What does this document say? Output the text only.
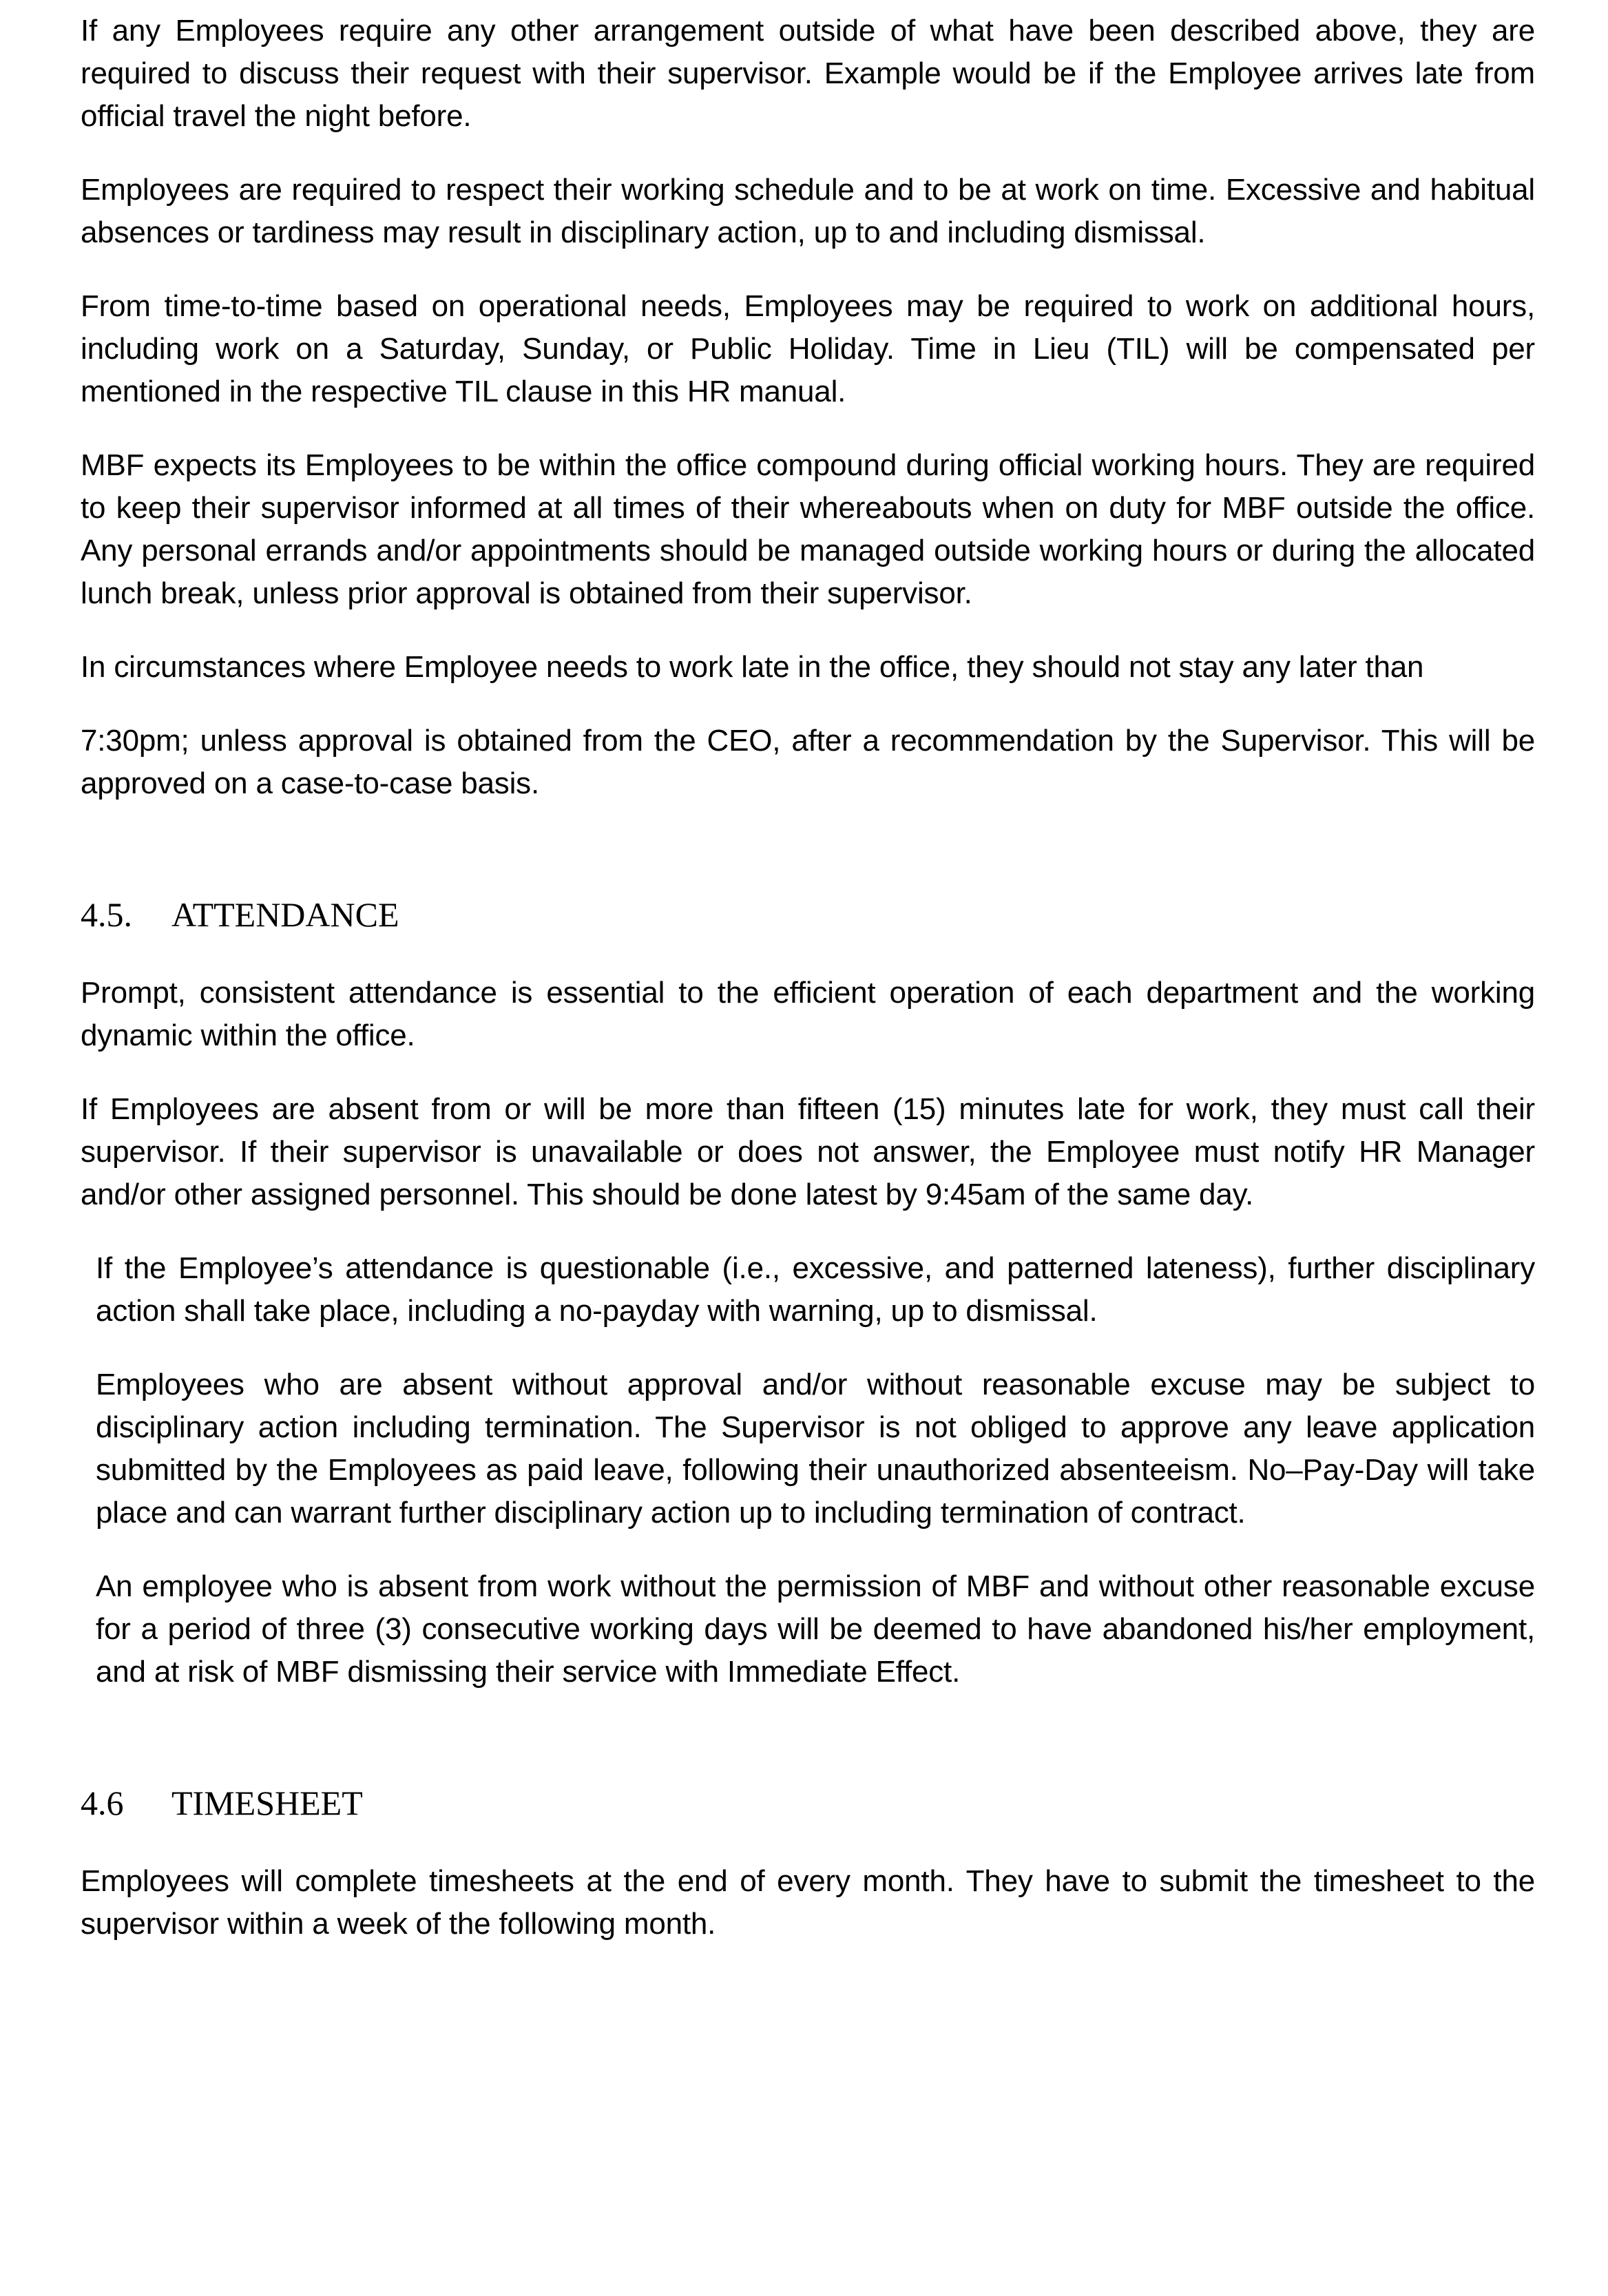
If any Employees require any other arrangement outside of what have been described above, they are required to discuss their request with their supervisor. Example would be if the Employee arrives late from official travel the night before.

Employees are required to respect their working schedule and to be at work on time. Excessive and habitual absences or tardiness may result in disciplinary action, up to and including dismissal.

From time-to-time based on operational needs, Employees may be required to work on additional hours, including work on a Saturday, Sunday, or Public Holiday. Time in Lieu (TIL) will be compensated per mentioned in the respective TIL clause in this HR manual.

MBF expects its Employees to be within the office compound during official working hours. They are required to keep their supervisor informed at all times of their whereabouts when on duty for MBF outside the office. Any personal errands and/or appointments should be managed outside working hours or during the allocated lunch break, unless prior approval is obtained from their supervisor.

In circumstances where Employee needs to work late in the office, they should not stay any later than

7:30pm; unless approval is obtained from the CEO, after a recommendation by the Supervisor. This will be approved on a case-to-case basis.

4.5. ATTENDANCE

Prompt, consistent attendance is essential to the efficient operation of each department and the working dynamic within the office.

If Employees are absent from or will be more than fifteen (15) minutes late for work, they must call their supervisor. If their supervisor is unavailable or does not answer, the Employee must notify HR Manager and/or other assigned personnel. This should be done latest by 9:45am of the same day.

If the Employee’s attendance is questionable (i.e., excessive, and patterned lateness), further disciplinary action shall take place, including a no-payday with warning, up to dismissal.

Employees who are absent without approval and/or without reasonable excuse may be subject to disciplinary action including termination. The Supervisor is not obliged to approve any leave application submitted by the Employees as paid leave, following their unauthorized absenteeism. No–Pay-Day will take place and can warrant further disciplinary action up to including termination of contract.

An employee who is absent from work without the permission of MBF and without other reasonable excuse for a period of three (3) consecutive working days will be deemed to have abandoned his/her employment, and at risk of MBF dismissing their service with Immediate Effect.

4.6 TIMESHEET

Employees will complete timesheets at the end of every month. They have to submit the timesheet to the supervisor within a week of the following month.
